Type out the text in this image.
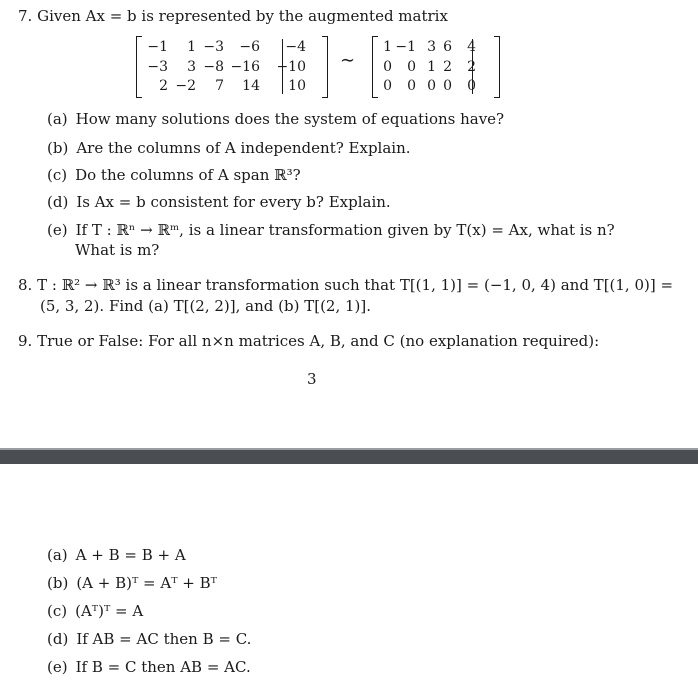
7. Given Ax = b is represented by the augmented matrix
−1	1 −3	−6	−4
−3	3 −8 −16	−10
2 −2	7	14	10
∼
1 −1 3 6	4
0	0 1 2	2
0	0 0 0	0
(a) How many solutions does the system of equations have?
(b) Are the columns of A independent? Explain.
(c) Do the columns of A span ℝ³?
(d) Is Ax = b consistent for every b? Explain.
(e) If T : ℝⁿ → ℝᵐ, is a linear transformation given by T(x) = Ax, what is n?
What is m?
8. T : ℝ² → ℝ³ is a linear transformation such that T[(1, 1)] = (−1, 0, 4) and T[(1, 0)] =
(5, 3, 2). Find (a) T[(2, 2)], and (b) T[(2, 1)].
9. True or False: For all n×n matrices A, B, and C (no explanation required):
3
(a) A + B = B + A
(b) (A + B)ᵀ = Aᵀ + Bᵀ
(c) (Aᵀ)ᵀ = A
(d) If AB = AC then B = C.
(e) If B = C then AB = AC.
